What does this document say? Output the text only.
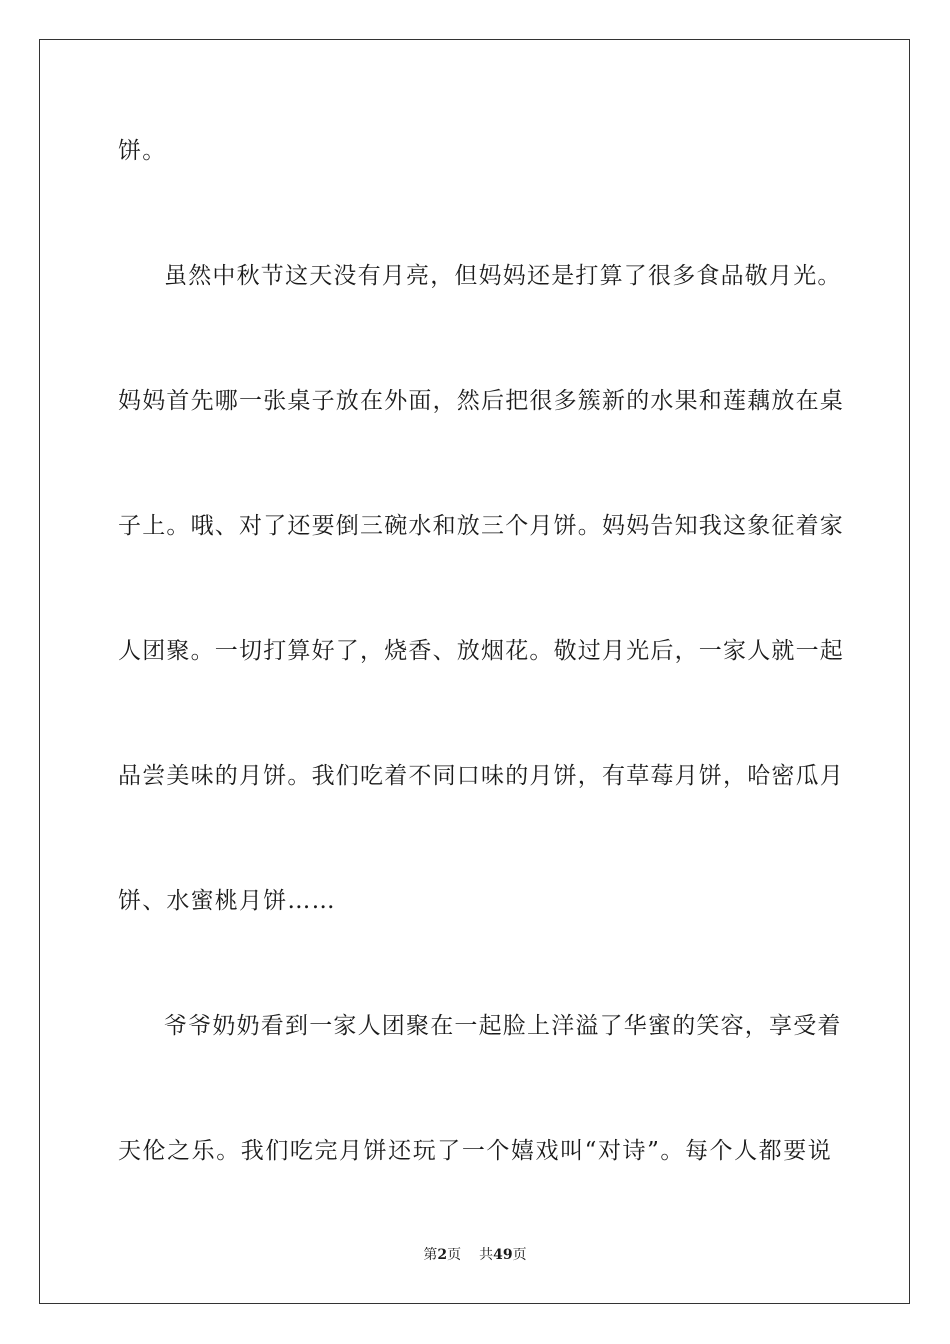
饼。
虽然中秋节这天没有月亮，但妈妈还是打算了很多食品敬月光。
妈妈首先哪一张桌子放在外面，然后把很多簇新的水果和莲藕放在桌
子上。哦、对了还要倒三碗水和放三个月饼。妈妈告知我这象征着家
人团聚。一切打算好了，烧香、放烟花。敬过月光后，一家人就一起
品尝美味的月饼。我们吃着不同口味的月饼，有草莓月饼，哈密瓜月
饼、水蜜桃月饼……
爷爷奶奶看到一家人团聚在一起脸上洋溢了华蜜的笑容，享受着
天伦之乐。我们吃完月饼还玩了一个嬉戏叫“对诗”。每个人都要说
第2页 共49页
